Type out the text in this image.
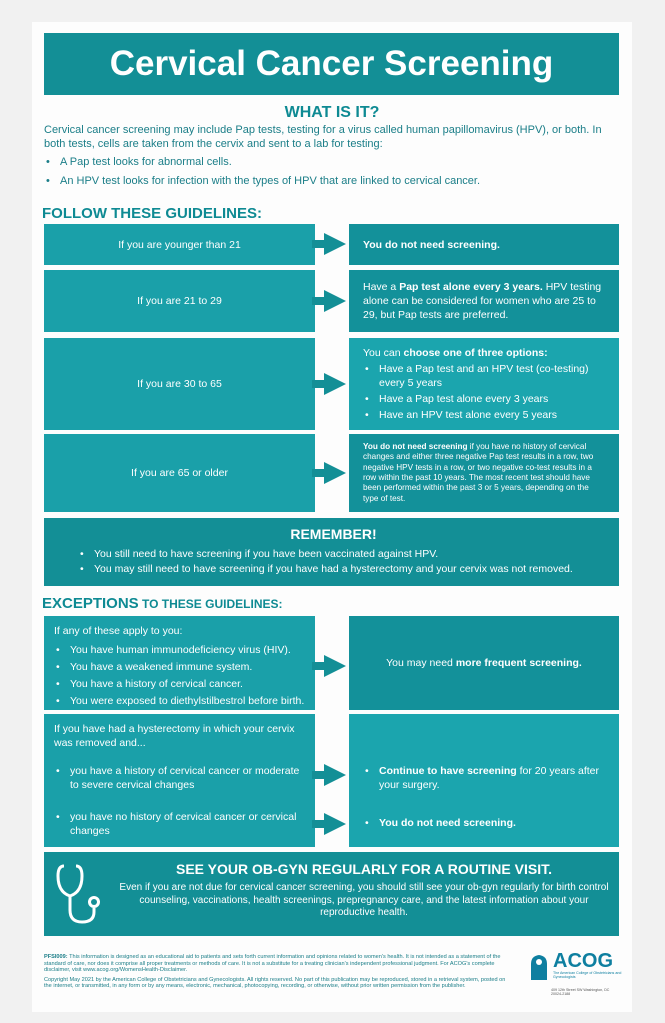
Cervical Cancer Screening
WHAT IS IT?
Cervical cancer screening may include Pap tests, testing for a virus called human papillomavirus (HPV), or both. In both tests, cells are taken from the cervix and sent to a lab for testing:
• A Pap test looks for abnormal cells.
• An HPV test looks for infection with the types of HPV that are linked to cervical cancer.
FOLLOW THESE GUIDELINES:
If you are younger than 21	You do not need screening.
If you are 21 to 29
Have a Pap test alone every 3 years. HPV testing alone can be considered for women who are 25 to 29, but Pap tests are preferred.
If you are 30 to 65
You can choose one of three options:
• Have a Pap test and an HPV test (co-testing) every 5 years
• Have a Pap test alone every 3 years
• Have an HPV test alone every 5 years
If you are 65 or older
You do not need screening if you have no history of cervical changes and either three negative Pap test results in a row, two negative HPV tests in a row, or two negative co-test results in a row within the past 10 years. The most recent test should have been performed within the past 3 or 5 years, depending on the type of test.
REMEMBER!
• You still need to have screening if you have been vaccinated against HPV.
• You may still need to have screening if you have had a hysterectomy and your cervix was not removed.
EXCEPTIONS TO THESE GUIDELINES:
If any of these apply to you:
• You have human immunodeficiency virus (HIV).
• You have a weakened immune system.
• You have a history of cervical cancer.
• You were exposed to diethylstilbestrol before birth.
You may need more frequent screening.
If you have had a hysterectomy in which your cervix was removed and...
• you have a history of cervical cancer or moderate to severe cervical changes
• you have no history of cervical cancer or cervical changes
• Continue to have screening for 20 years after your surgery.
• You do not need screening.
SEE YOUR OB-GYN REGULARLY FOR A ROUTINE VISIT.
Even if you are not due for cervical cancer screening, you should still see your ob-gyn regularly for birth control counseling, vaccinations, health screenings, prepregnancy care, and the latest information about your reproductive health.

PFSI009: This information is designed as an educational aid to patients and sets forth current information and opinions related to women's health. It is not intended as a statement of the standard of care, nor does it comprise all proper treatments or methods of care. It is not a substitute for a treating clinician's independent professional judgment. For ACOG's complete disclaimer, visit www.acog.org/WomensHealth-Disclaimer.

Copyright May 2021 by the American College of Obstetricians and Gynecologists. All rights reserved. No part of this publication may be reproduced, stored in a retrieval system, posted on the internet, or transmitted, in any form or by any means, electronic, mechanical, photocopying, recording, or otherwise, without prior written permission from the publisher.

ACOG
The American College of Obstetricians and Gynecologists
409 12th Street SW Washington, DC 20024-2188
